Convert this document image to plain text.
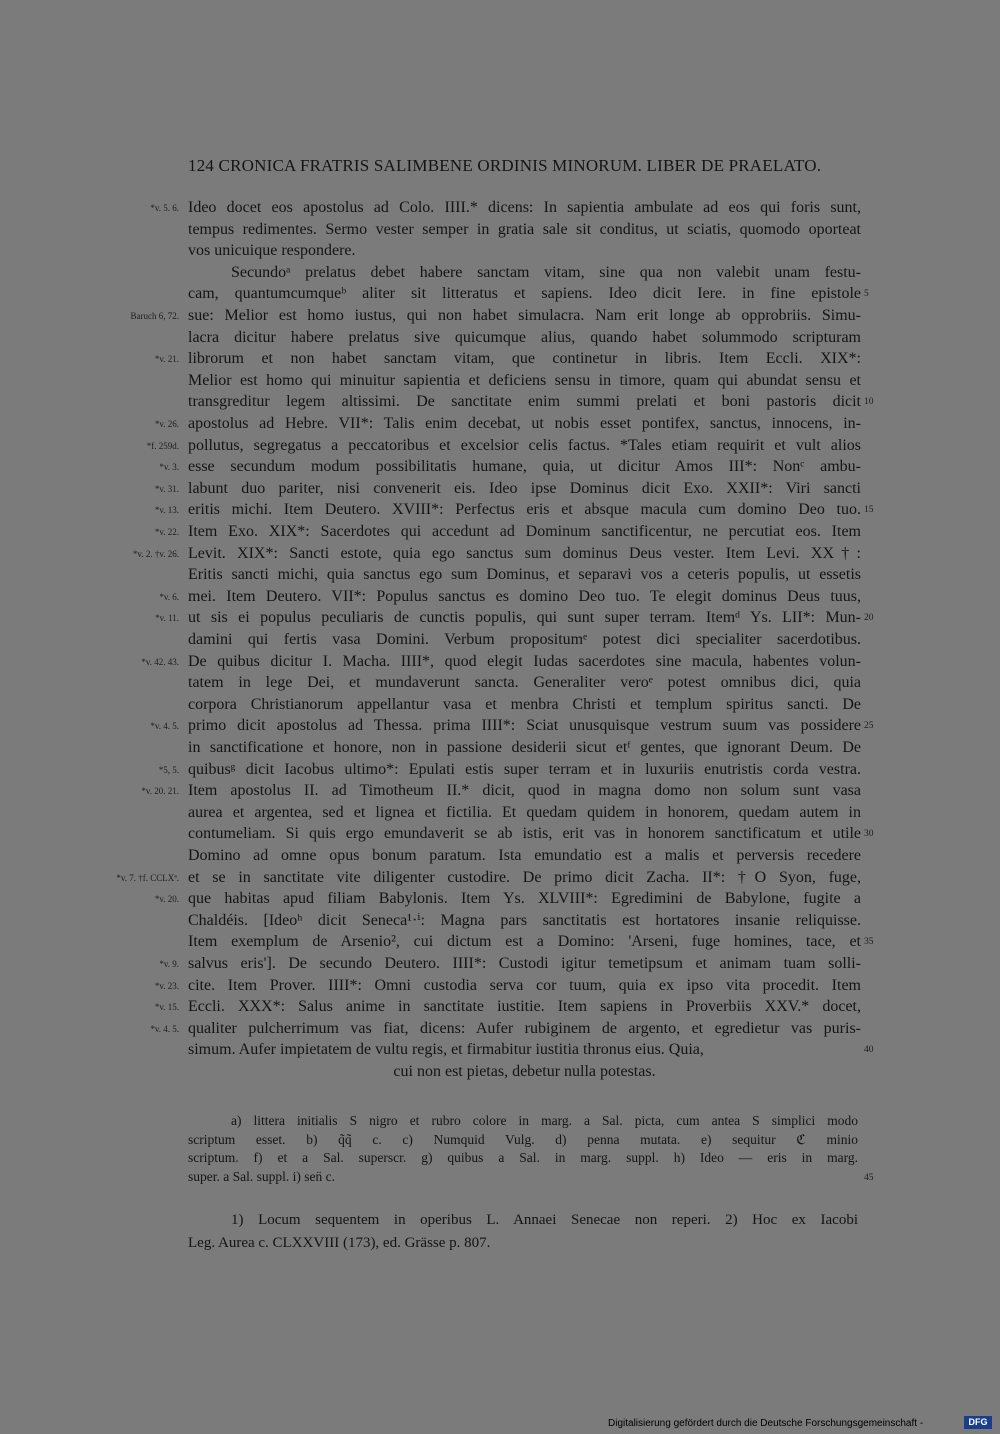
124 CRONICA FRATRIS SALIMBENE ORDINIS MINORUM. LIBER DE PRAELATO.
Ideo docet eos apostolus ad Colo. IIII.* dicens: In sapientia ambulate ad eos qui foris sunt,
*v. 5. 6.
tempus redimentes. Sermo vester semper in gratia sale sit conditus, ut sciatis, quomodo oporteat
vos unicuique respondere.
Secundoᵃ prelatus debet habere sanctam vitam, sine qua non valebit unam festu-
cam, quantumcumqueᵇ aliter sit litteratus et sapiens. Ideo dicit Iere. in fine epistole 5
sue: Melior est homo iustus, qui non habet simulacra. Nam erit longe ab opprobriis. Simu-
Baruch 6, 72.
lacra dicitur habere prelatus sive quicumque alius, quando habet solummodo scripturam
librorum et non habet sanctam vitam, que continetur in libris. Item Eccli. XIX*:
*v. 21.
Melior est homo qui minuitur sapientia et deficiens sensu in timore, quam qui abundat sensu et
transgreditur legem altissimi. De sanctitate enim summi prelati et boni pastoris dicit 10
apostolus ad Hebre. VII*: Talis enim decebat, ut nobis esset pontifex, sanctus, innocens, in-
*v. 26.
pollutus, segregatus a peccatoribus et excelsior celis factus. *Tales etiam requirit et vult alios
*f. 259d.
esse secundum modum possibilitatis humane, quia, ut dicitur Amos III*: Nonᶜ ambu-
*v. 3.
labunt duo pariter, nisi convenerit eis. Ideo ipse Dominus dicit Exo. XXII*: Viri sancti
*v. 31.
eritis michi. Item Deutero. XVIII*: Perfectus eris et absque macula cum domino Deo tuo.
*v. 13.	15
Item Exo. XIX*: Sacerdotes qui accedunt ad Dominum sanctificentur, ne percutiat eos. Item
*v. 22.
Levit. XIX*: Sancti estote, quia ego sanctus sum dominus Deus vester. Item Levi. XX†:
*v. 2. †v. 26.
Eritis sancti michi, quia sanctus ego sum Dominus, et separavi vos a ceteris populis, ut essetis
mei. Item Deutero. VII*: Populus sanctus es domino Deo tuo. Te elegit dominus Deus tuus,
*v. 6.
ut sis ei populus peculiaris de cunctis populis, qui sunt super terram. Itemᵈ Ys. LII*: Mun-
*v. 11.	20
damini qui fertis vasa Domini. Verbum propositumᵉ potest dici specialiter sacerdotibus.
De quibus dicitur I. Macha. IIII*, quod elegit Iudas sacerdotes sine macula, habentes volun-
*v. 42. 43.
tatem in lege Dei, et mundaverunt sancta. Generaliter veroᵉ potest omnibus dici, quia
corpora Christianorum appellantur vasa et menbra Christi et templum spiritus sancti. De
primo dicit apostolus ad Thessa. prima IIII*: Sciat unusquisque vestrum suum vas possidere
*v. 4. 5.	25
in sanctificatione et honore, non in passione desiderii sicut etᶠ gentes, que ignorant Deum. De
quibusᵍ dicit Iacobus ultimo*: Epulati estis super terram et in luxuriis enutristis corda vestra.
*5, 5.
Item apostolus II. ad Timotheum II.* dicit, quod in magna domo non solum sunt vasa
*v. 20. 21.
aurea et argentea, sed et lignea et fictilia. Et quedam quidem in honorem, quedam autem in
contumeliam. Si quis ergo emundaverit se ab istis, erit vas in honorem sanctificatum et utile 30
Domino ad omne opus bonum paratum. Ista emundatio est a malis et perversis recedere
et se in sanctitate vite diligenter custodire. De primo dicit Zacha. II*: †O Syon, fuge,
*v. 7. †f. CCLXª.
que habitas apud filiam Babylonis. Item Ys. XLVIII*: Egredimini de Babylone, fugite a
*v. 20.
Chaldéis. [Ideoʰ dicit Seneca¹·ⁱ: Magna pars sanctitatis est hortatores insanie reliquisse.
Item exemplum de Arsenio², cui dictum est a Domino: 'Arseni, fuge homines, tace, et 35
salvus eris']. De secundo Deutero. IIII*: Custodi igitur temetipsum et animam tuam solli-
*v. 9.
cite. Item Prover. IIII*: Omni custodia serva cor tuum, quia ex ipso vita procedit. Item
*v. 23.
Eccli. XXX*: Salus anime in sanctitate iustitie. Item sapiens in Proverbiis XXV.* docet,
*v. 15.
qualiter pulcherrimum vas fiat, dicens: Aufer rubiginem de argento, et egredietur vas puris-
*v. 4. 5.
simum. Aufer impietatem de vultu regis, et firmabitur iustitia thronus eius. Quia,	40
cui non est pietas, debetur nulla potestas.
a) littera initialis S nigro et rubro colore in marg. a Sal. picta, cum antea S simplici modo
scriptum esset. b) q̃q̃ c. c) Numquid Vulg. d) penna mutata. e) sequitur ℭ minio
scriptum. f) et a Sal. superscr. g) quibus a Sal. in marg. suppl. h) Ideo — eris in marg.
super. a Sal. suppl. i) sen̈ c.	45
1) Locum sequentem in operibus L. Annaei Senecae non reperi. 2) Hoc ex Iacobi
Leg. Aurea c. CLXXVIII (173), ed. Grässe p. 807.
Digitalisierung gefördert durch die Deutsche Forschungsgemeinschaft -	DFG
